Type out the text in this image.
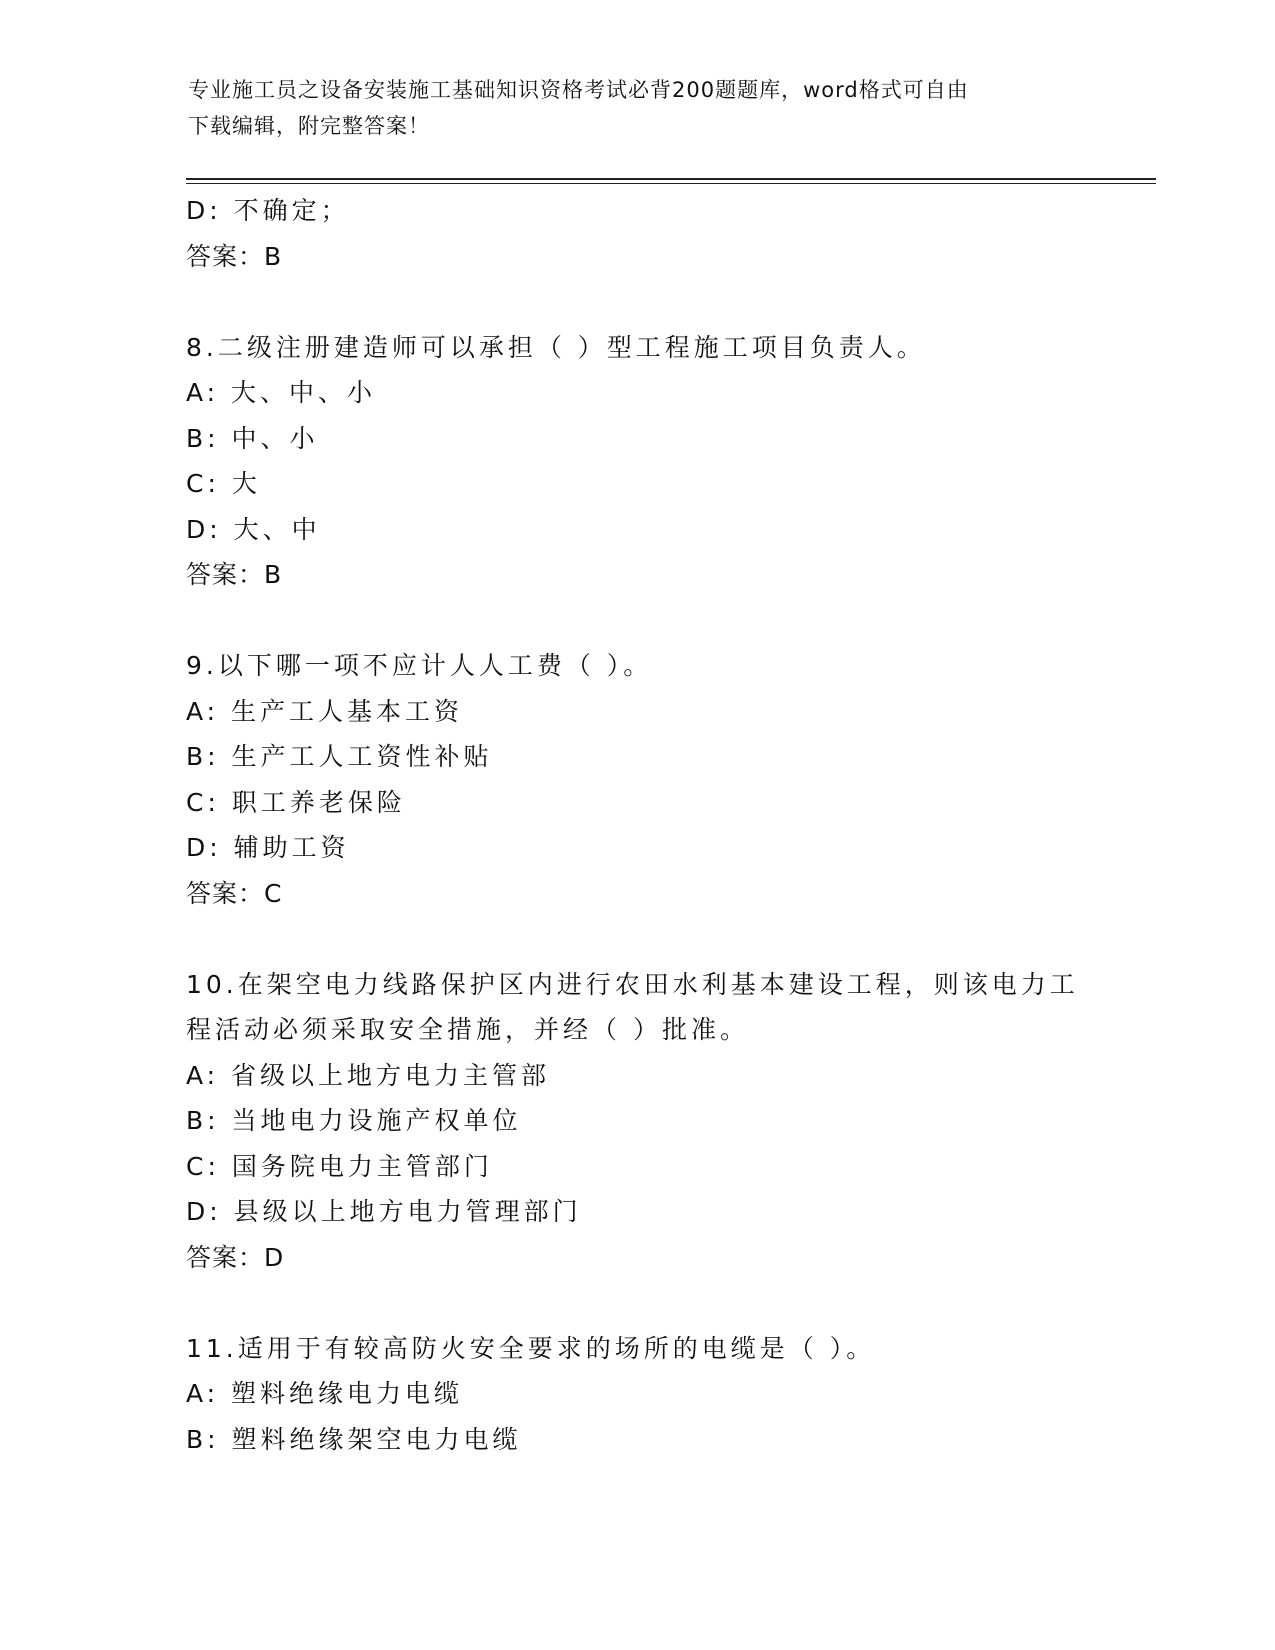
专业施工员之设备安装施工基础知识资格考试必背200题题库，word格式可自由
下载编辑，附完整答案！
D: 不确定；
答案：B
8.二级注册建造师可以承担（ ）型工程施工项目负责人。
A: 大、中、小
B: 中、小
C: 大
D: 大、中
答案：B
9.以下哪一项不应计人人工费（ ）。
A: 生产工人基本工资
B: 生产工人工资性补贴
C: 职工养老保险
D: 辅助工资
答案：C
10.在架空电力线路保护区内进行农田水利基本建设工程，则该电力工
程活动必须采取安全措施，并经（ ）批准。
A: 省级以上地方电力主管部
B: 当地电力设施产权单位
C: 国务院电力主管部门
D: 县级以上地方电力管理部门
答案：D
11.适用于有较高防火安全要求的场所的电缆是（ ）。
A: 塑料绝缘电力电缆
B: 塑料绝缘架空电力电缆
